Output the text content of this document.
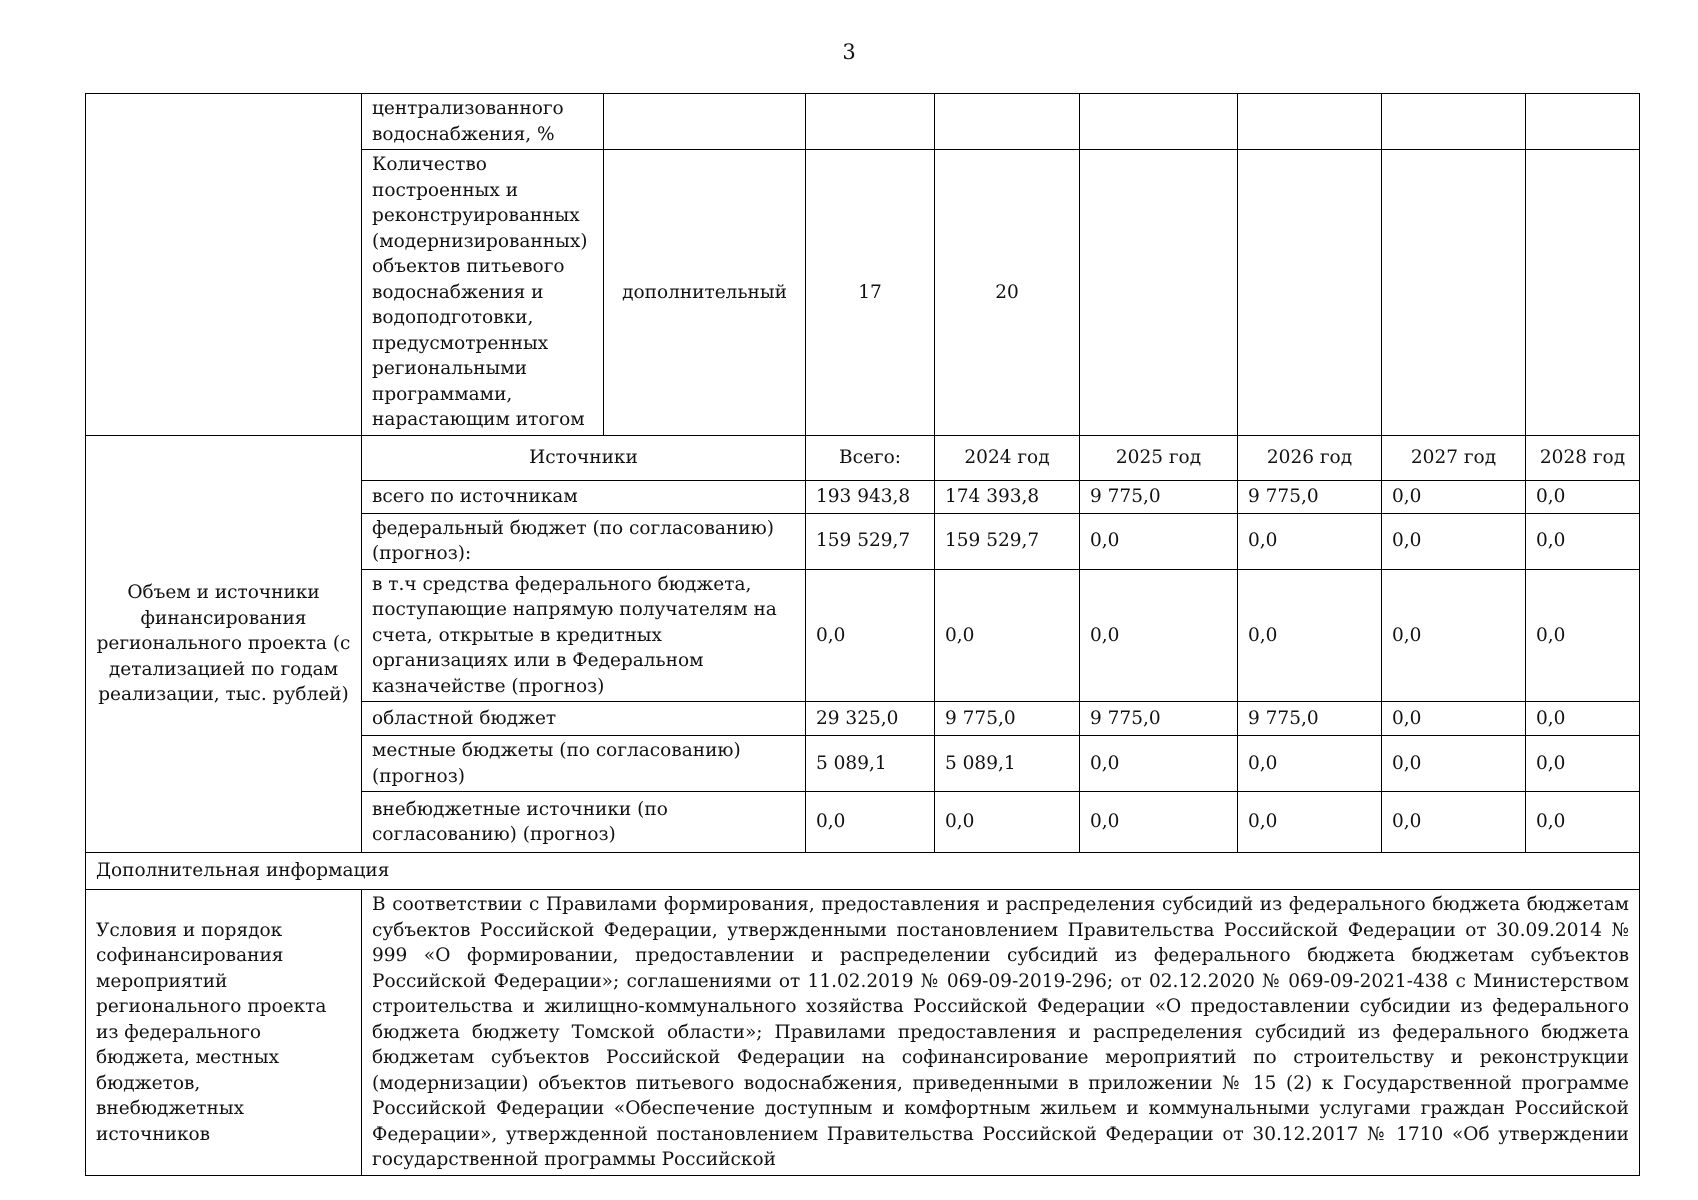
3
	централизованного водоснабжения, %							
	Количество построенных и реконструированных (модернизированных) объектов питьевого водоснабжения и водоподготовки, предусмотренных региональными программами, нарастающим итогом	дополнительный	17	20				
Объем и источники финансирования регионального проекта (с детализацией по годам реализации, тыс. рублей)	Источники		Всего:	2024 год	2025 год	2026 год	2027 год	2028 год
	всего по источникам		193 943,8	174 393,8	9 775,0	9 775,0	0,0	0,0
	федеральный бюджет (по согласованию) (прогноз):		159 529,7	159 529,7	0,0	0,0	0,0	0,0
	в т.ч средства федерального бюджета, поступающие напрямую получателям на счета, открытые в кредитных организациях или в Федеральном казначействе (прогноз)		0,0	0,0	0,0	0,0	0,0	0,0
	областной бюджет		29 325,0	9 775,0	9 775,0	9 775,0	0,0	0,0
	местные бюджеты (по согласованию) (прогноз)		5 089,1	5 089,1	0,0	0,0	0,0	0,0
	внебюджетные источники (по согласованию) (прогноз)		0,0	0,0	0,0	0,0	0,0	0,0
Дополнительная информация								
Условия и порядок софинансирования мероприятий регионального проекта из федерального бюджета, местных бюджетов, внебюджетных источников	В соответствии с Правилами формирования, предоставления и распределения субсидий из федерального бюджета бюджетам субъектов Российской Федерации, утвержденными постановлением Правительства Российской Федерации от 30.09.2014 № 999 «О формировании, предоставлении и распределении субсидий из федерального бюджета бюджетам субъектов Российской Федерации»; соглашениями от 11.02.2019 № 069-09-2019-296; от 02.12.2020 № 069-09-2021-438 с Министерством строительства и жилищно-коммунального хозяйства Российской Федерации «О предоставлении субсидии из федерального бюджета бюджету Томской области»; Правилами предоставления и распределения субсидий из федерального бюджета бюджетам субъектов Российской Федерации на софинансирование мероприятий по строительству и реконструкции (модернизации) объектов питьевого водоснабжения, приведенными в приложении № 15 (2) к Государственной программе Российской Федерации «Обеспечение доступным и комфортным жильем и коммунальными услугами граждан Российской Федерации», утвержденной постановлением Правительства Российской Федерации от 30.12.2017 № 1710 «Об утверждении государственной программы Российской							
